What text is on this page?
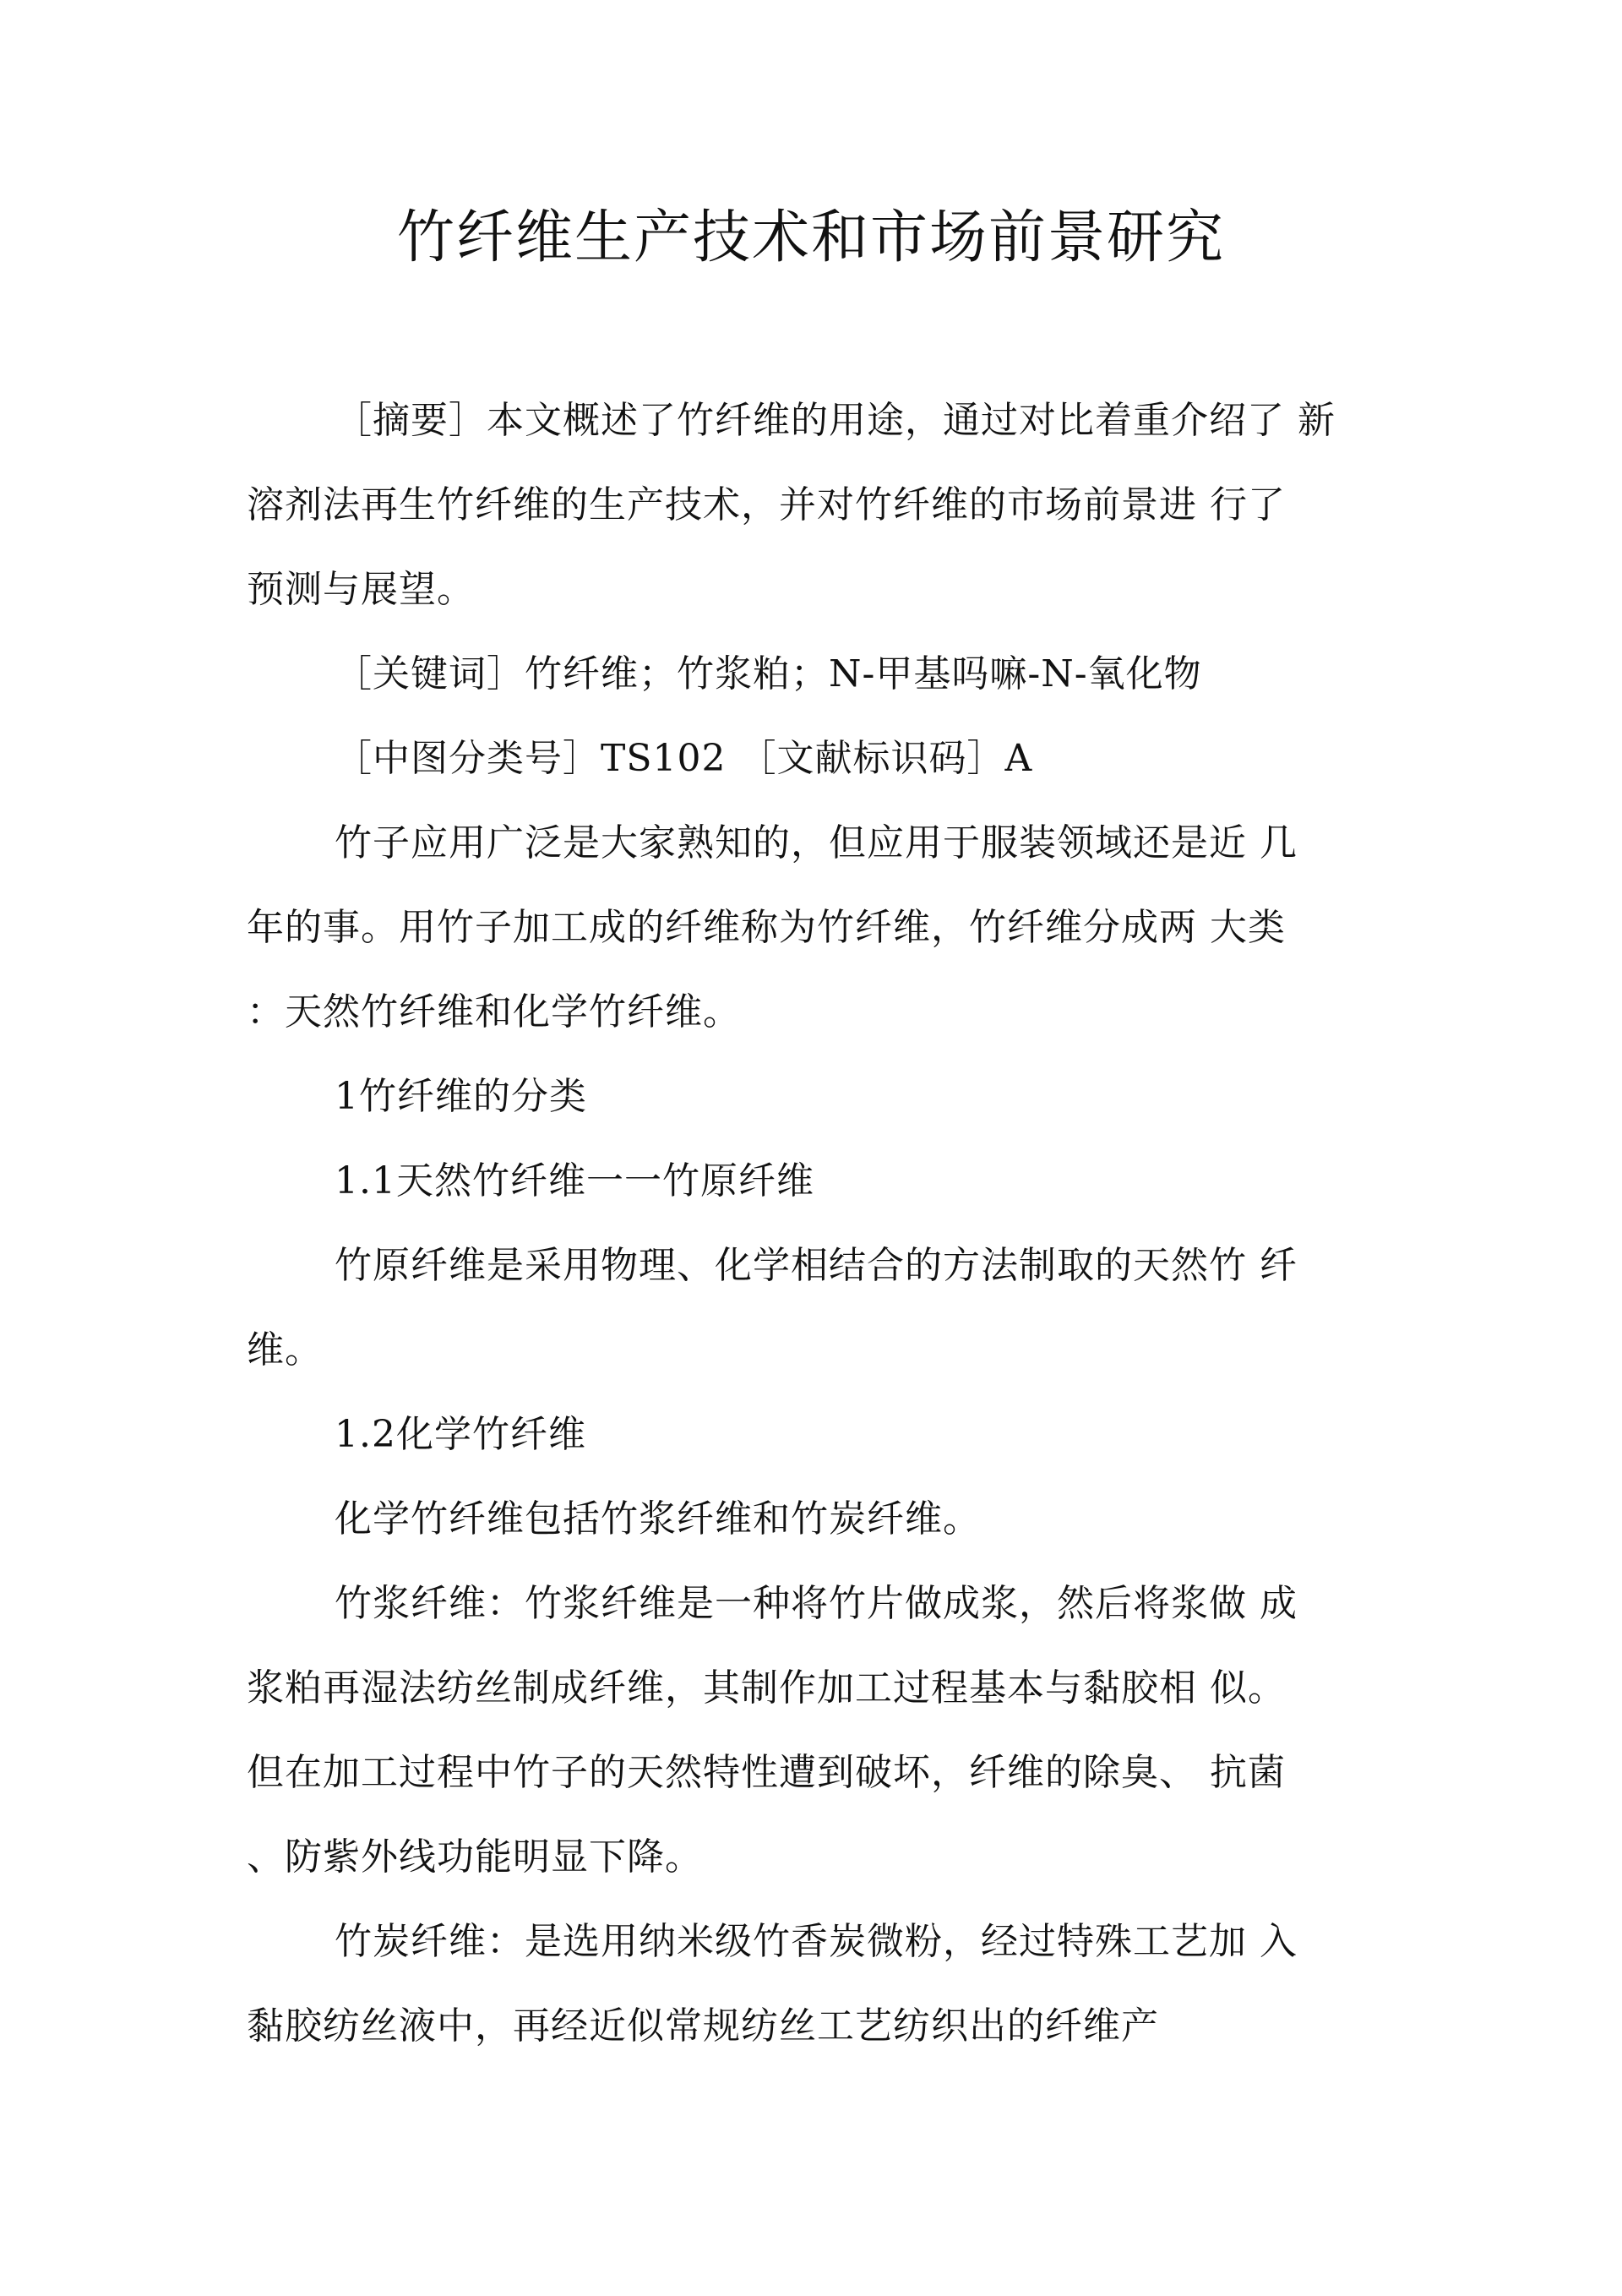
竹纤维生产技术和市场前景研究
［摘要］本文概述了竹纤维的用途，通过对比着重介绍了 新
溶剂法再生竹纤维的生产技术，并对竹纤维的市场前景进 行了
预测与展望。
［关键词］竹纤维；竹浆粕；N-甲基吗嘛-N-氧化物
［中图分类号］TS102 ［文献标识码］A
竹子应用广泛是大家熟知的，但应用于服装领域还是近 几
年的事。用竹子加工成的纤维称为竹纤维，竹纤维分成两 大类
：天然竹纤维和化学竹纤维。
1竹纤维的分类
1.1天然竹纤维一一竹原纤维
竹原纤维是采用物理、化学相结合的方法制取的天然竹 纤
维。
1.2化学竹纤维
化学竹纤维包括竹浆纤维和竹炭纤维。
竹浆纤维：竹浆纤维是一种将竹片做成浆，然后将浆做 成
浆粕再湿法纺丝制成纤维，其制作加工过程基本与黏胶相 似。
但在加工过程中竹子的天然特性遭到破坏，纤维的除臭、 抗菌
、防紫外线功能明显下降。
竹炭纤维：是选用纳米级竹香炭微粉，经过特殊工艺加 入
黏胶纺丝液中，再经近似常规纺丝工艺纺织出的纤维产
